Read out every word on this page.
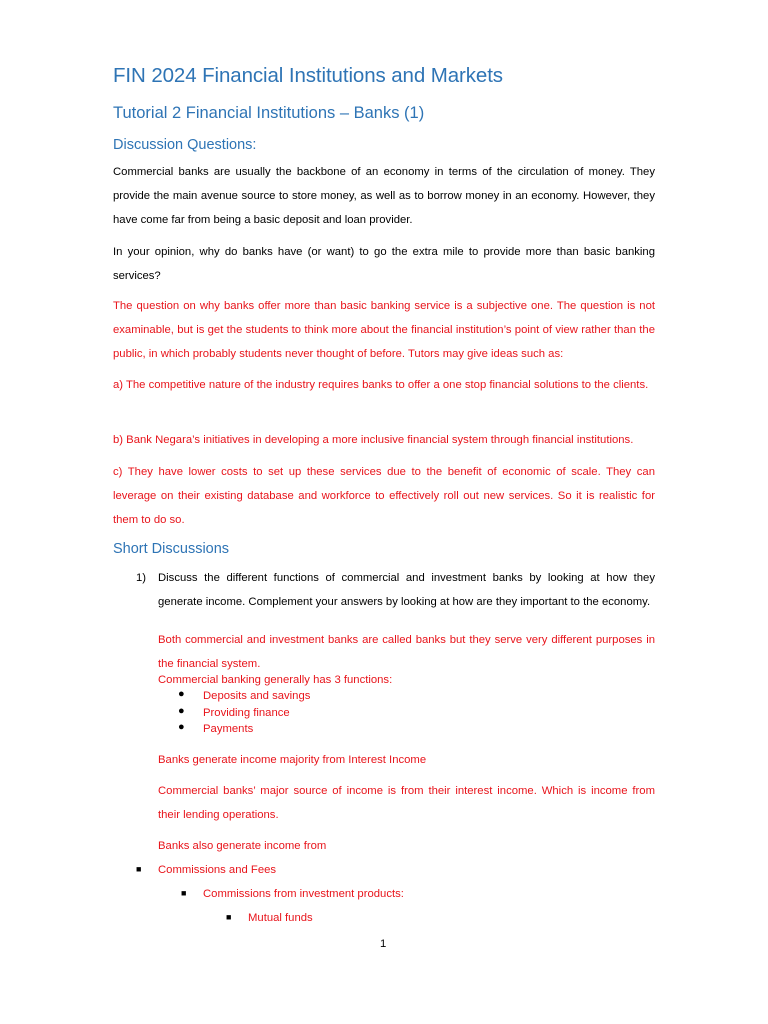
FIN 2024 Financial Institutions and Markets
Tutorial 2 Financial Institutions – Banks (1)
Discussion Questions:

Commercial banks are usually the backbone of an economy in terms of the circulation of money. They provide the main avenue source to store money, as well as to borrow money in an economy. However, they have come far from being a basic deposit and loan provider.

In your opinion, why do banks have (or want) to go the extra mile to provide more than basic banking services?

The question on why banks offer more than basic banking service is a subjective one. The question is not examinable, but is get the students to think more about the financial institution’s point of view rather than the public, in which probably students never thought of before. Tutors may give ideas such as:

a) The competitive nature of the industry requires banks to offer a one stop financial solutions to the clients.

b) Bank Negara’s initiatives in developing a more inclusive financial system through financial institutions.

c) They have lower costs to set up these services due to the benefit of economic of scale. They can leverage on their existing database and workforce to effectively roll out new services. So it is realistic for them to do so.

Short Discussions
1) Discuss the different functions of commercial and investment banks by looking at how they generate income. Complement your answers by looking at how are they important to the economy.

Both commercial and investment banks are called banks but they serve very different purposes in the financial system.

Commercial banking generally has 3 functions:
● Deposits and savings
● Providing finance
● Payments
Banks generate income majority from Interest Income

Commercial banks’ major source of income is from their interest income. Which is income from their lending operations.

Banks also generate income from
■ Commissions and Fees
■ Commissions from investment products:
■ Mutual funds
1
